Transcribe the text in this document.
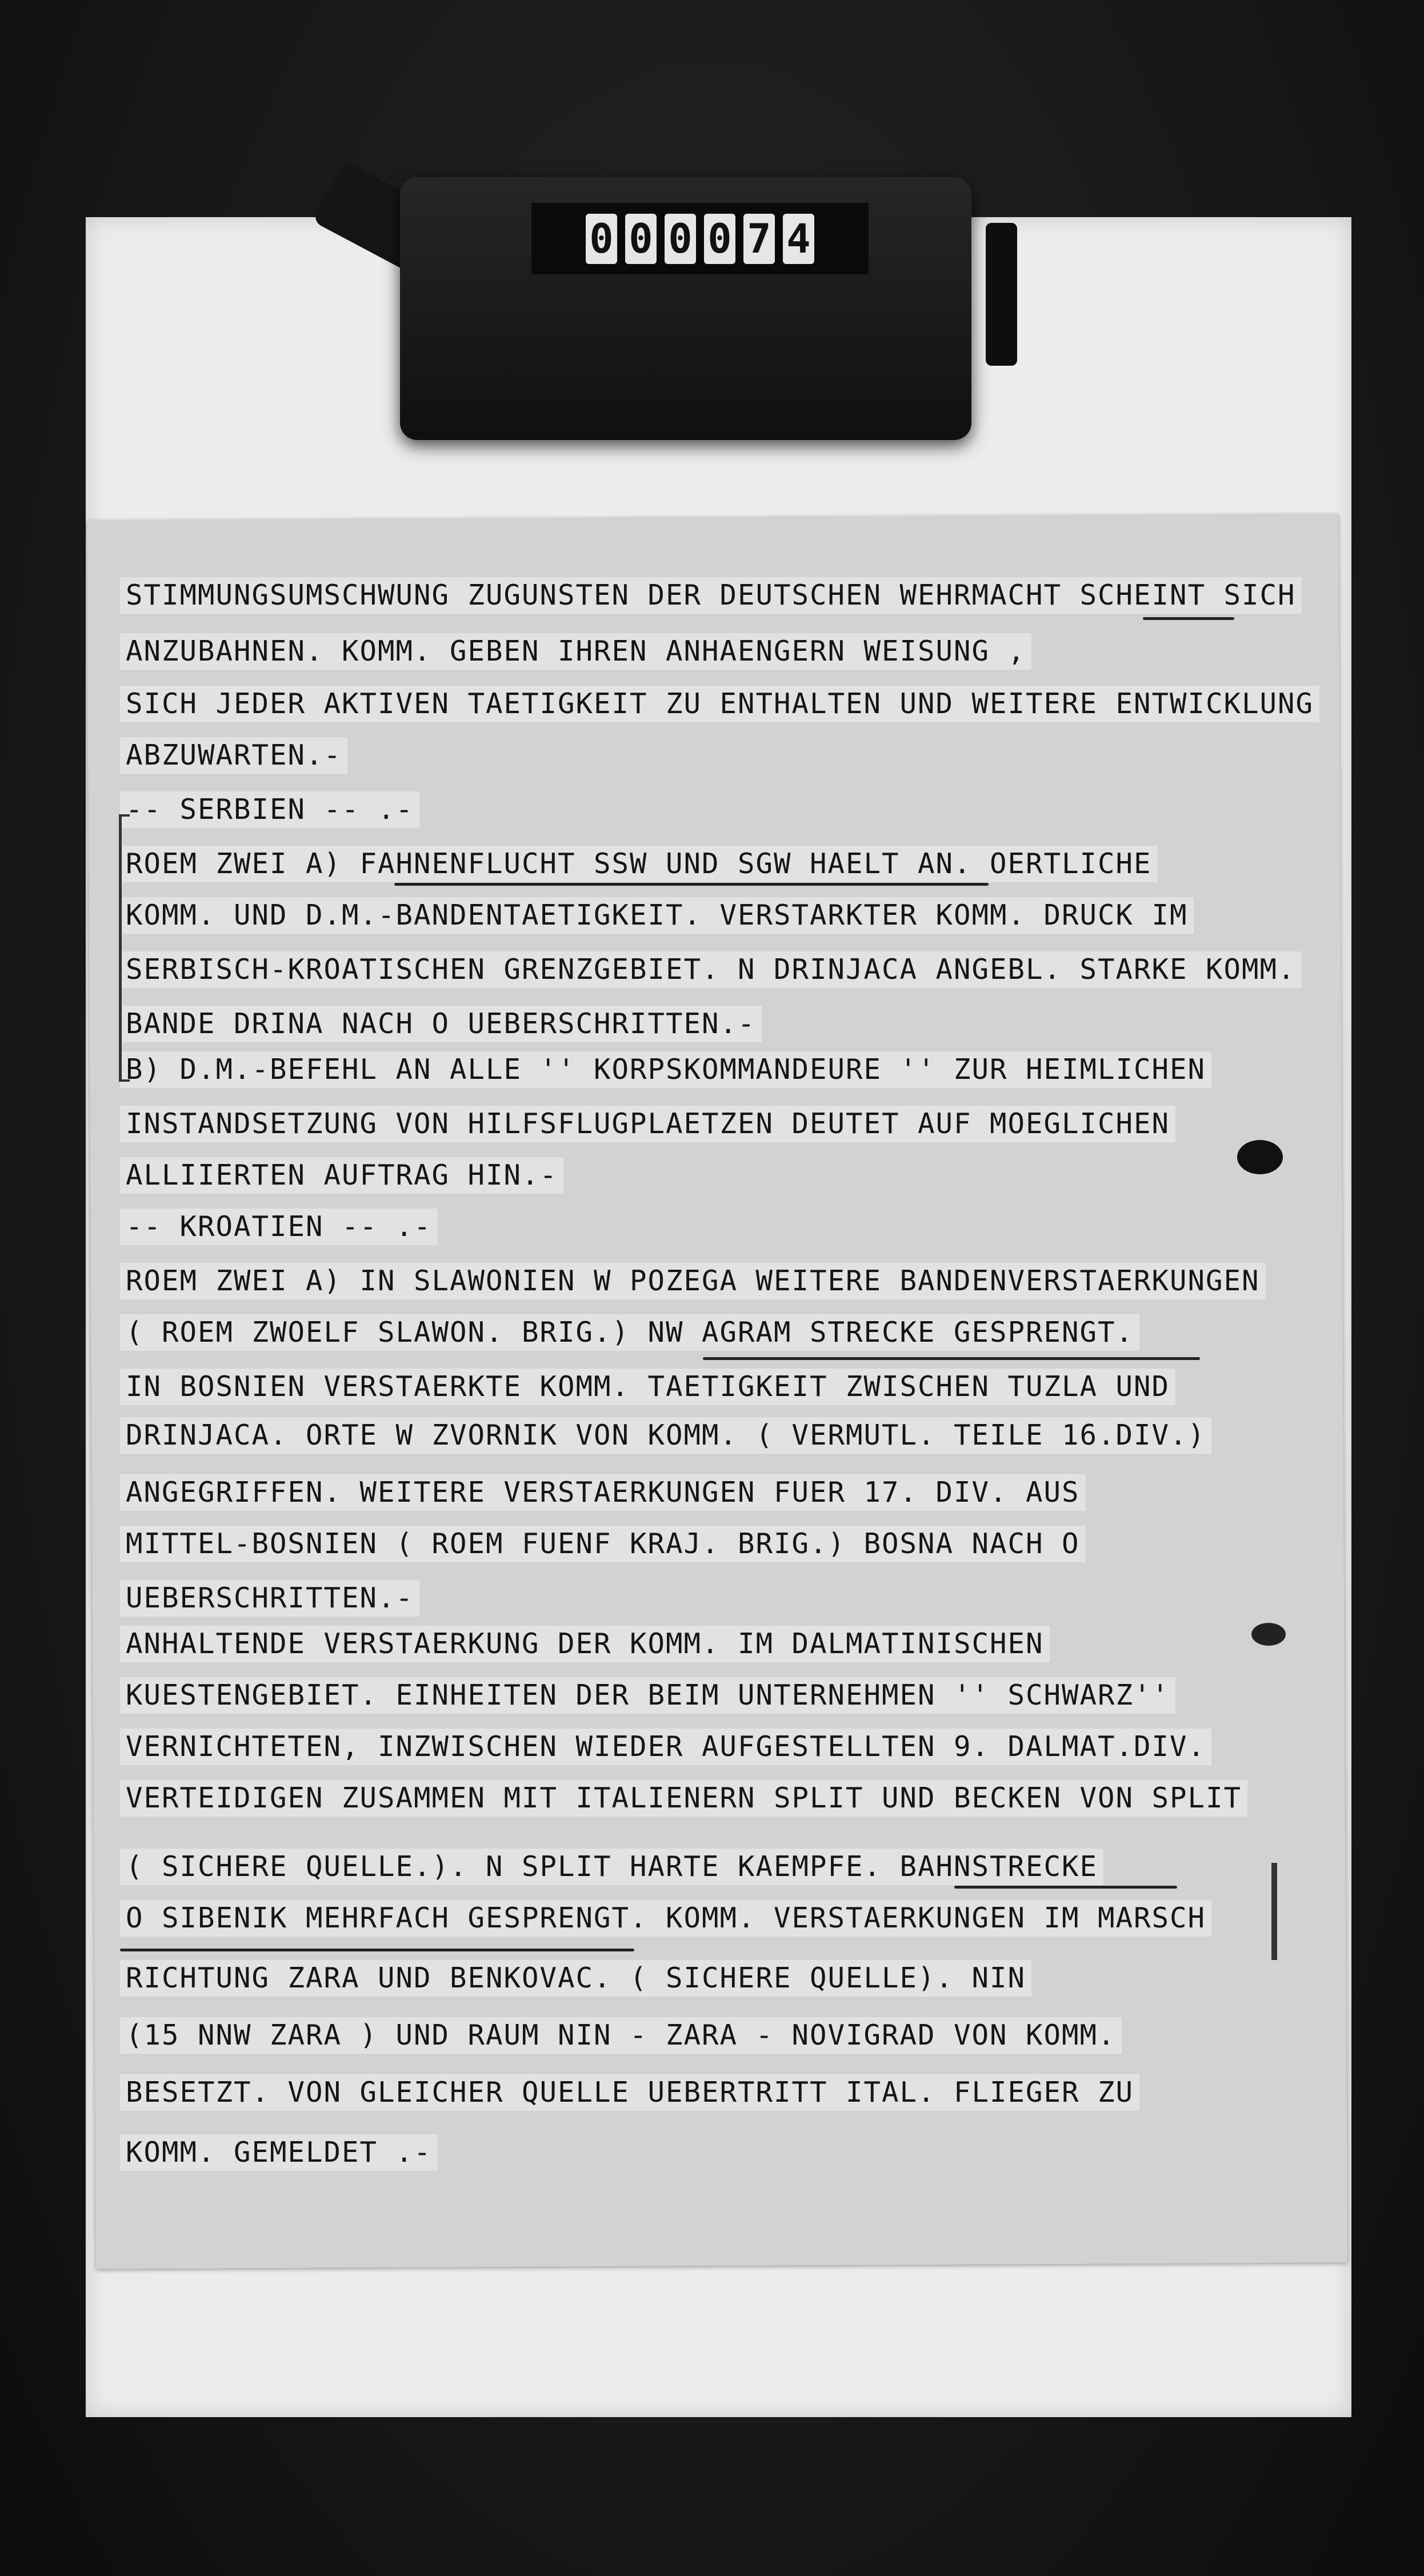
0 0 0 0 7 4
STIMMUNGSUMSCHWUNG ZUGUNSTEN DER DEUTSCHEN WEHRMACHT SCHEINT SICH
ANZUBAHNEN. KOMM. GEBEN IHREN ANHAENGERN WEISUNG ,
SICH JEDER AKTIVEN TAETIGKEIT ZU ENTHALTEN UND WEITERE ENTWICKLUNG
ABZUWARTEN.-
-- SERBIEN -- .-
ROEM ZWEI A) FAHNENFLUCHT SSW UND SGW HAELT AN. OERTLICHE
KOMM. UND D.M.-BANDENTAETIGKEIT. VERSTARKTER KOMM. DRUCK IM
SERBISCH-KROATISCHEN GRENZGEBIET. N DRINJACA ANGEBL. STARKE KOMM.
BANDE DRINA NACH O UEBERSCHRITTEN.-
B) D.M.-BEFEHL AN ALLE '' KORPSKOMMANDEURE '' ZUR HEIMLICHEN
INSTANDSETZUNG VON HILFSFLUGPLAETZEN DEUTET AUF MOEGLICHEN
ALLIIERTEN AUFTRAG HIN.-
-- KROATIEN -- .-
ROEM ZWEI A) IN SLAWONIEN W POZEGA WEITERE BANDENVERSTAERKUNGEN
( ROEM ZWOELF SLAWON. BRIG.) NW AGRAM STRECKE GESPRENGT.
IN BOSNIEN VERSTAERKTE KOMM. TAETIGKEIT ZWISCHEN TUZLA UND
DRINJACA. ORTE W ZVORNIK VON KOMM. ( VERMUTL. TEILE 16.DIV.)
ANGEGRIFFEN. WEITERE VERSTAERKUNGEN FUER 17. DIV. AUS
MITTEL-BOSNIEN ( ROEM FUENF KRAJ. BRIG.) BOSNA NACH O
UEBERSCHRITTEN.-
ANHALTENDE VERSTAERKUNG DER KOMM. IM DALMATINISCHEN
KUESTENGEBIET. EINHEITEN DER BEIM UNTERNEHMEN '' SCHWARZ''
VERNICHTETEN, INZWISCHEN WIEDER AUFGESTELLTEN 9. DALMAT.DIV.
VERTEIDIGEN ZUSAMMEN MIT ITALIENERN SPLIT UND BECKEN VON SPLIT
( SICHERE QUELLE.). N SPLIT HARTE KAEMPFE. BAHNSTRECKE
O SIBENIK MEHRFACH GESPRENGT. KOMM. VERSTAERKUNGEN IM MARSCH
RICHTUNG ZARA UND BENKOVAC. ( SICHERE QUELLE). NIN
(15 NNW ZARA ) UND RAUM NIN - ZARA - NOVIGRAD VON KOMM.
BESETZT. VON GLEICHER QUELLE UEBERTRITT ITAL. FLIEGER ZU
KOMM. GEMELDET .-
